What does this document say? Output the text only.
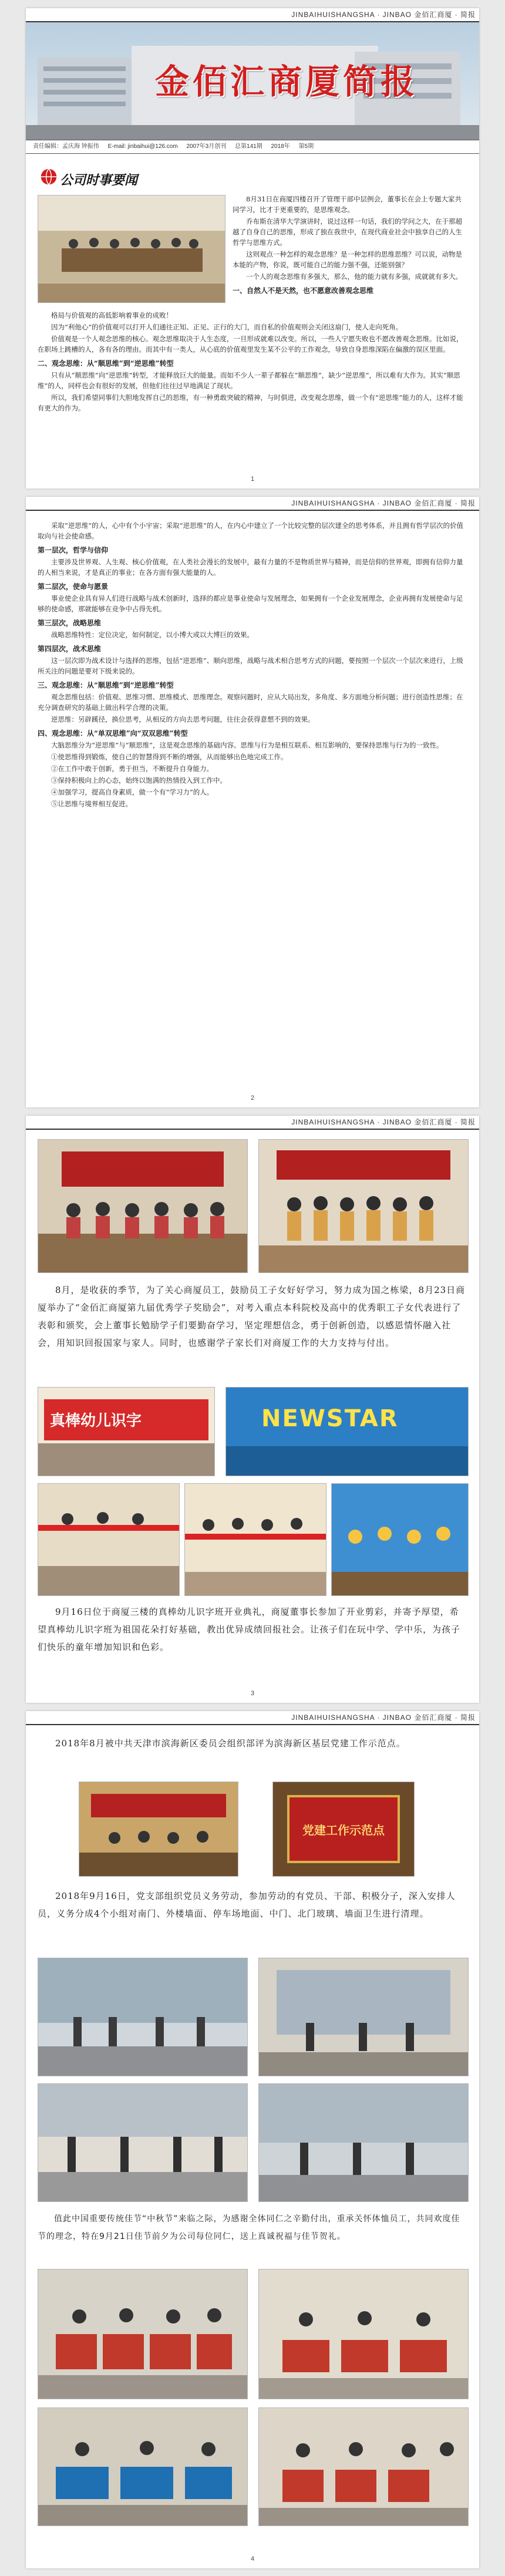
JINBAIHUISHANGSHA · JINBAO 金佰汇商厦 · 简报
金佰汇商厦简报
责任编辑：孟庆海 钟振伟 E-mail: jinbaihui@126.com 2007年3月创刊 总第141期 2018年 第5期
公司时事要闻

8月31日在商厦四楼召开了管理干部中层例会，董事长在会上专题大家共同学习，比才于更重要的，是思维观念。

乔布斯在清华大学演讲时，说过这样一句话，我们的学问之大，在于那超越了自身自己的思维，形成了独在我世中，在现代商业社会中独享自己的人生哲学与思维方式。

这则观点一种怎样的观念思维？是一种怎样的思维思维？可以说，动物是本能的产物，你说，既可能自己的能力强不强，还能别强？

一个人的观念思维有多强大，那么，他的能力就有多强，成就就有多大。

一、自然人不是天然，也不愿意改善观念思维

格局与价值观的高低影响着事业的成败！

因为“利他心”的价值观可以打开人们通往正知、正见、正行的大门，而自私的价值观则会关闭这扇门，使人走向死角。

价值观是一个人观念思维的核心。观念思维取决于人生态度，一旦形成就难以改变。所以，一些人宁愿失败也不愿改善观念思维。比如说，在职场上跳槽的人，各有各的理由。而其中有一类人，从心底的价值观里发生某不公平的工作观念，导致自身思维深陷在偏激的误区里面。

二、观念思维：从“顺思维”到“逆思维”转型

只有从“顺思维”向“逆思维”转型，才能释放巨大的能量。而如不少人一辈子都躲在“顺思维”，缺少“逆思维”，所以难有大作为。其实“顺思维”的人，同样也会有很好的发展，但他们往往过早地满足了现状。

所以，我们希望同事们大胆地发挥自己的思维，有一种勇敢突破的精神，与时俱进，改变观念思维，做一个有“逆思维”能力的人，这样才能有更大的作为。

1
JINBAIHUISHANGSHA · JINBAO 金佰汇商厦 · 简报

采取“逆思维”的人，心中有个小宇宙；采取“逆思维”的人，在内心中建立了一个比较完整的层次建全的思考体系，并且拥有哲学层次的价值取向与社会使命感。

第一层次，哲学与信仰

主要涉及世界观、人生观、核心价值观，在人类社会漫长的发展中，最有力量的不是物质世界与精神，而是信仰的世界观，即拥有信仰力量的人相当来说，才是真正的事业；在各方面有强大能量的人。

第二层次，使命与愿景

事业使企业具有异人们进行战略与战术创新时，选择的都应是事业使命与发展理念，如果拥有一个企业发展理念，企业再拥有发展使命与足够的使命感，那就能够在竞争中占得先机。

第三层次，战略思维

战略思维特性：定位决定，如何制定，以小博大或以大博巨的效果。

第四层次，战术思维

这一层次即为战术设计与选择的思维，包括“逆思维”、顺向思维，战略与战术相合思考方式的问题，要按照一个层次一个层次来进行，上级所关注的问题是要对下级来说的。

三、观念思维：从“顺思维”到“逆思维”转型

观念思维包括：价值观、思维习惯、思维模式、思维理念。观察问题时，应从大局出发，多角度、多方面地分析问题；进行创造性思维；在充分调查研究的基础上做出科学合理的决策。

逆思维：另辟蹊径，换位思考，从相反的方向去思考问题，往往会获得意想不到的效果。

四、观念思维：从“单双思维”向“双双思维”转型

大脑思维分为“逆思维”与“顺思维”，这是观念思维的基础内容。思维与行为是相互联系、相互影响的，要保持思维与行为的一致性。

①使思维得到锻炼，使自己的智慧得到不断的增强，从而能够出色地完成工作。

②在工作中敢于创新，勇于担当，不断提升自身能力。

③保持积极向上的心态，始终以饱满的热情投入到工作中。

④加强学习，提高自身素质，做一个有“学习力”的人。

⑤让思维与境界相互促进。

2
JINBAIHUISHANGSHA · JINBAO 金佰汇商厦 · 简报

8月，是收获的季节，为了关心商厦员工，鼓励员工子女好好学习，努力成为国之栋梁，8月23日商厦举办了“金佰汇商厦第九届优秀学子奖励会”，对考入重点本科院校及高中的优秀职工子女代表进行了表彰和颁奖，会上董事长勉励学子们要勤奋学习，坚定理想信念，勇于创新创造，以感恩情怀融入社会，用知识回报国家与家人。同时，也感谢学子家长们对商厦工作的大力支持与付出。

真棒幼儿识字	NEWSTAR

9月16日位于商厦三楼的真棒幼儿识字班开业典礼，商厦董事长参加了开业剪彩，并寄予厚望，希望真棒幼儿识字班为祖国花朵打好基础，教出优异成绩回报社会。让孩子们在玩中学、学中乐，为孩子们快乐的童年增加知识和色彩。

3
JINBAIHUISHANGSHA · JINBAO 金佰汇商厦 · 简报

2018年8月被中共天津市滨海新区委员会组织部评为滨海新区基层党建工作示范点。

党建工作示范点

2018年9月16日，党支部组织党员义务劳动，参加劳动的有党员、干部、积极分子，深入安排人员，义务分成4个小组对南门、外楼墙面、停车场地面、中门、北门玻璃、墙面卫生进行清理。

值此中国重要传统佳节“中秋节”来临之际，为感谢全体同仁之辛勤付出，重承关怀体恤员工，共同欢度佳节的理念，特在9月21日佳节前夕为公司每位同仁，送上真诚祝福与佳节贺礼。

4
